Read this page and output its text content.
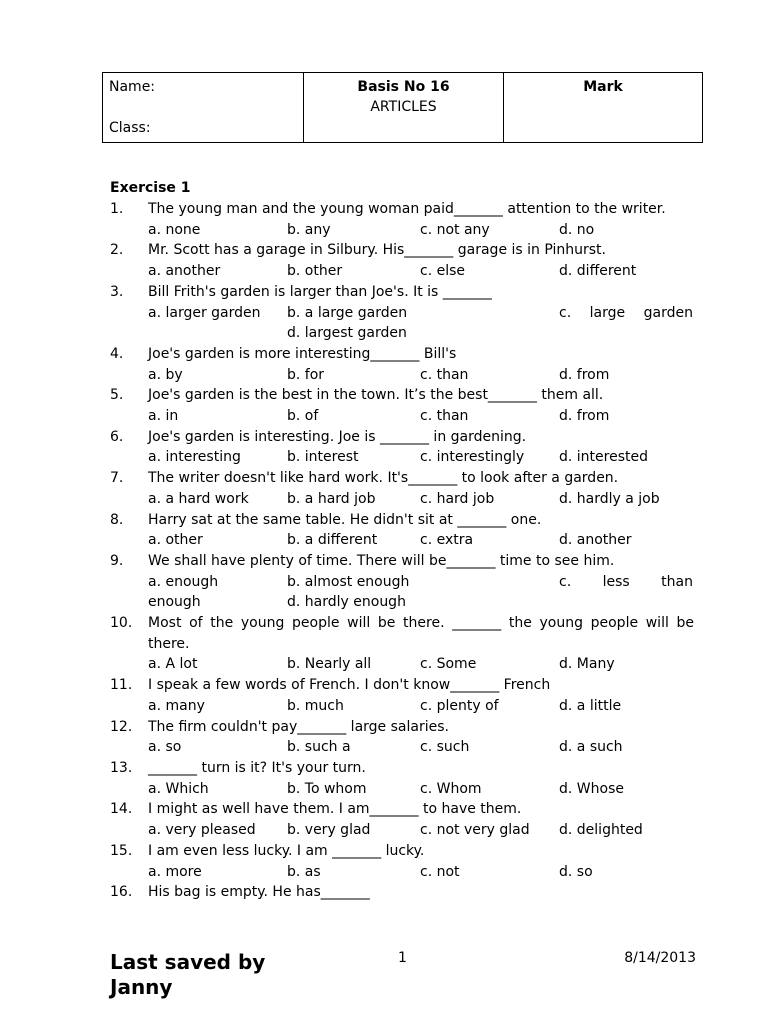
Name:
Class:

Basis No 16
ARTICLES

Mark
Exercise 1
1. The young man and the young woman paid_______ attention to the writer.
a. none	b. any	c. not any	d. no
2. Mr. Scott has a garage in Silbury. His_______ garage is in Pinhurst.
a. another	b. other	c. else	d. different
3. Bill Frith's garden is larger than Joe's. It is _______
a. larger garden	b. a large garden	c. large garden
d. largest garden
4. Joe's garden is more interesting_______ Bill's
a. by	b. for	c. than	d. from
5. Joe's garden is the best in the town. It’s the best_______ them all.
a. in	b. of	c. than	d. from
6. Joe's garden is interesting. Joe is _______ in gardening.
a. interesting	b. interest	c. interestingly	d. interested
7. The writer doesn't like hard work. It's_______ to look after a garden.
a. a hard work	b. a hard job	c. hard job	d. hardly a job
8. Harry sat at the same table. He didn't sit at _______ one.
a. other	b. a different	c. extra	d. another
9. We shall have plenty of time. There will be_______ time to see him.
a. enough	b. almost enough	c. less than
enough	d. hardly enough
10. Most of the young people will be there. _______ the young people will be there.
a. A lot	b. Nearly all	c. Some	d. Many
11. I speak a few words of French. I don't know_______ French
a. many	b. much	c. plenty of	d. a little
12. The firm couldn't pay_______ large salaries.
a. so	b. such a	c. such	d. a such
13. _______ turn is it? It's your turn.
a. Which	b. To whom	c. Whom	d. Whose
14. I might as well have them. I am_______ to have them.
a. very pleased	b. very glad	c. not very glad	d. delighted
15. I am even less lucky. I am _______ lucky.
a. more	b. as	c. not	d. so
16. His bag is empty. He has_______
Last saved by Janny
1	8/14/2013
